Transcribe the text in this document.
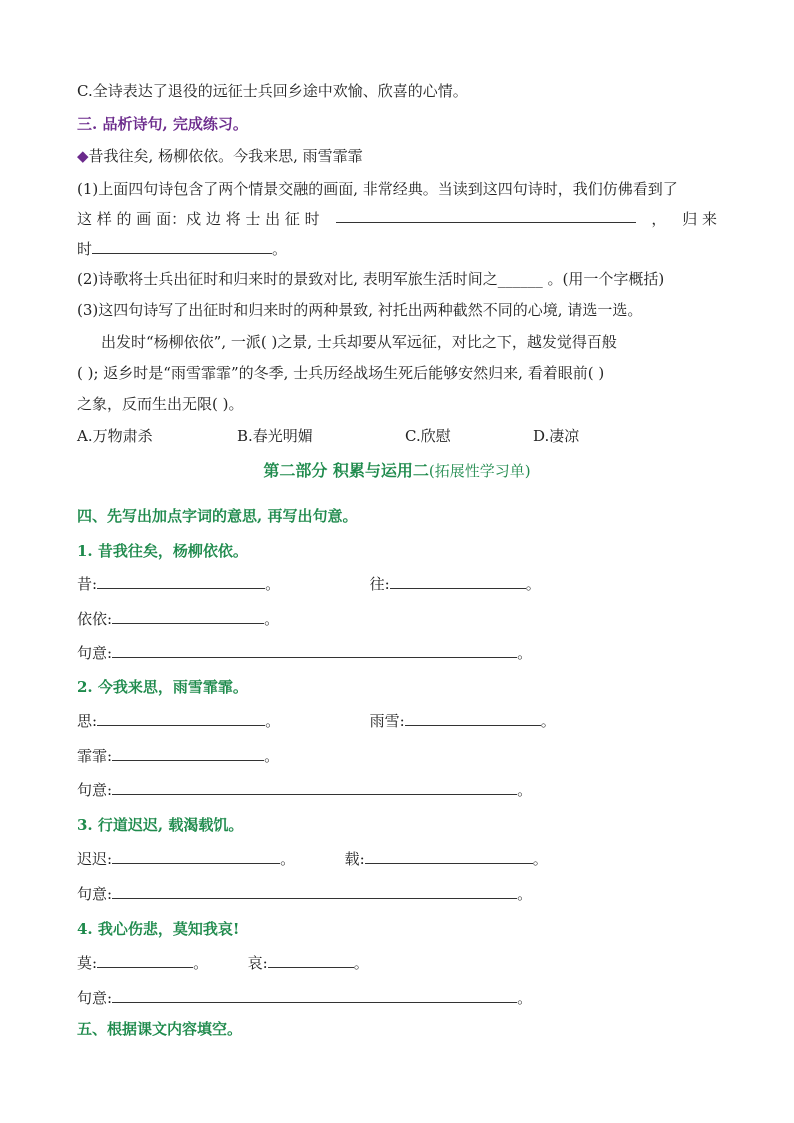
C.全诗表达了退役的远征士兵回乡途中欢愉、欣喜的心情。
三. 品析诗句, 完成练习。
◆昔我往矣, 杨柳依依。今我来思, 雨雪霏霏
(1)上面四句诗包含了两个情景交融的画面, 非常经典。当读到这四句诗时，我们仿佛看到了
这 样 的 画 面：戍 边 将 士 出 征 时	， 归 来
时	。
(2)诗歌将士兵出征时和归来时的景致对比, 表明军旅生活时间之______ 。(用一个字概括)
(3)这四句诗写了出征时和归来时的两种景致, 衬托出两种截然不同的心境, 请选一选。
出发时“杨柳依依”, 一派( )之景, 士兵却要从军远征，对比之下，越发觉得百般
( ); 返乡时是“雨雪霏霏”的冬季, 士兵历经战场生死后能够安然归来, 看着眼前( )
之象，反而生出无限( )。
A.万物肃杀	B.春光明媚	C.欣慰	D.凄凉
第二部分 积累与运用二(拓展性学习单)
四、先写出加点字词的意思, 再写出句意。
1. 昔我往矣，杨柳依依。
昔:	。	往:	。
依依:	。
句意:	。
2. 今我来思，雨雪霏霏。
思:	。	雨雪:	。
霏霏:	。
句意:	。
3. 行道迟迟, 载渴载饥。
迟迟:	。	载:	。
句意:	。
4. 我心伤悲，莫知我哀!
莫:	。	哀:	。
句意:	。
五、根据课文内容填空。
